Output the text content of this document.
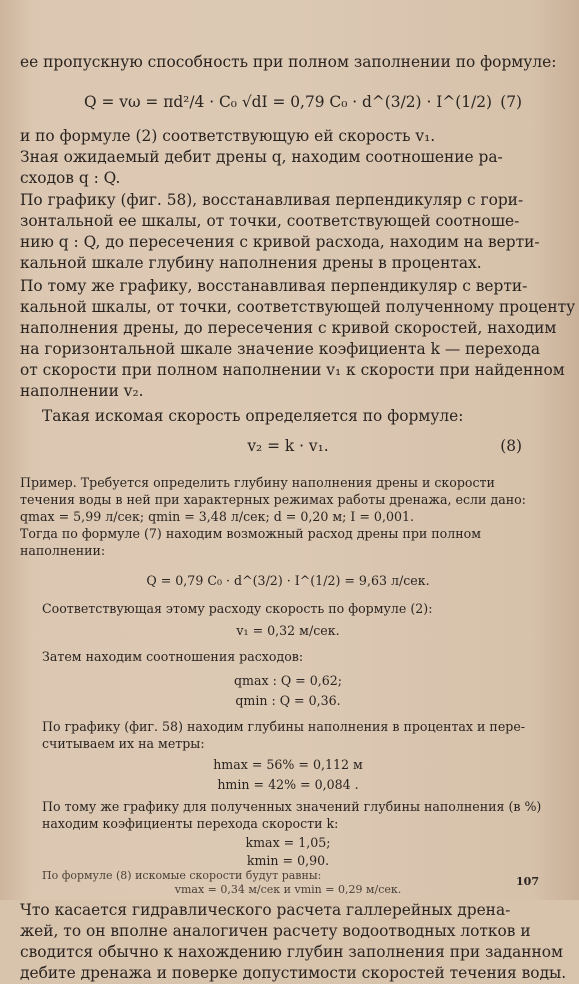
ее пропускную способность при полном заполнении по формуле:
Q = vω = πd²/4 · C₀ √dI = 0,79 C₀ · d^(3/2) · I^(1/2) (7)
и по формуле (2) соответствующую ей скорость v₁.
Зная ожидаемый дебит дрены q, находим соотношение ра-
сходов q : Q.
По графику (фиг. 58), восстанавливая перпендикуляр с гори-
зонтальной ее шкалы, от точки, соответствующей соотноше-
нию q : Q, до пересечения с кривой расхода, находим на верти-
кальной шкале глубину наполнения дрены в процентах.
По тому же графику, восстанавливая перпендикуляр с верти-
кальной шкалы, от точки, соответствующей полученному проценту
наполнения дрены, до пересечения с кривой скоростей, находим
на горизонтальной шкале значение коэфициента k — перехода
от скорости при полном наполнении v₁ к скорости при найденном
наполнении v₂.
Такая искомая скорость определяется по формуле:
v₂ = k · v₁.	(8)
Пример. Требуется определить глубину наполнения дрены и скорости
течения воды в ней при характерных режимах работы дренажа, если дано:
qmax = 5,99 л/сек; qmin = 3,48 л/сек; d = 0,20 м; I = 0,001.
Тогда по формуле (7) находим возможный расход дрены при полном
наполнении:
Q = 0,79 C₀ · d^(3/2) · I^(1/2) = 9,63 л/сек.
Соответствующая этому расходу скорость по формуле (2):
v₁ = 0,32 м/сек.
Затем находим соотношения расходов:
qmax : Q = 0,62;
qmin : Q = 0,36.
По графику (фиг. 58) находим глубины наполнения в процентах и пере-
считываем их на метры:
hmax = 56% = 0,112 м
hmin = 42% = 0,084 .
По тому же графику для полученных значений глубины наполнения (в %)
находим коэфициенты перехода скорости k:
kmax = 1,05;
kmin = 0,90.
По формуле (8) искомые скорости будут равны:
vmax = 0,34 м/сек и vmin = 0,29 м/сек.
Что касается гидравлического расчета галлерейных дрена-
жей, то он вполне аналогичен расчету водоотводных лотков и
сводится обычно к нахождению глубин заполнения при заданном
дебите дренажа и поверке допустимости скоростей течения воды.
107
